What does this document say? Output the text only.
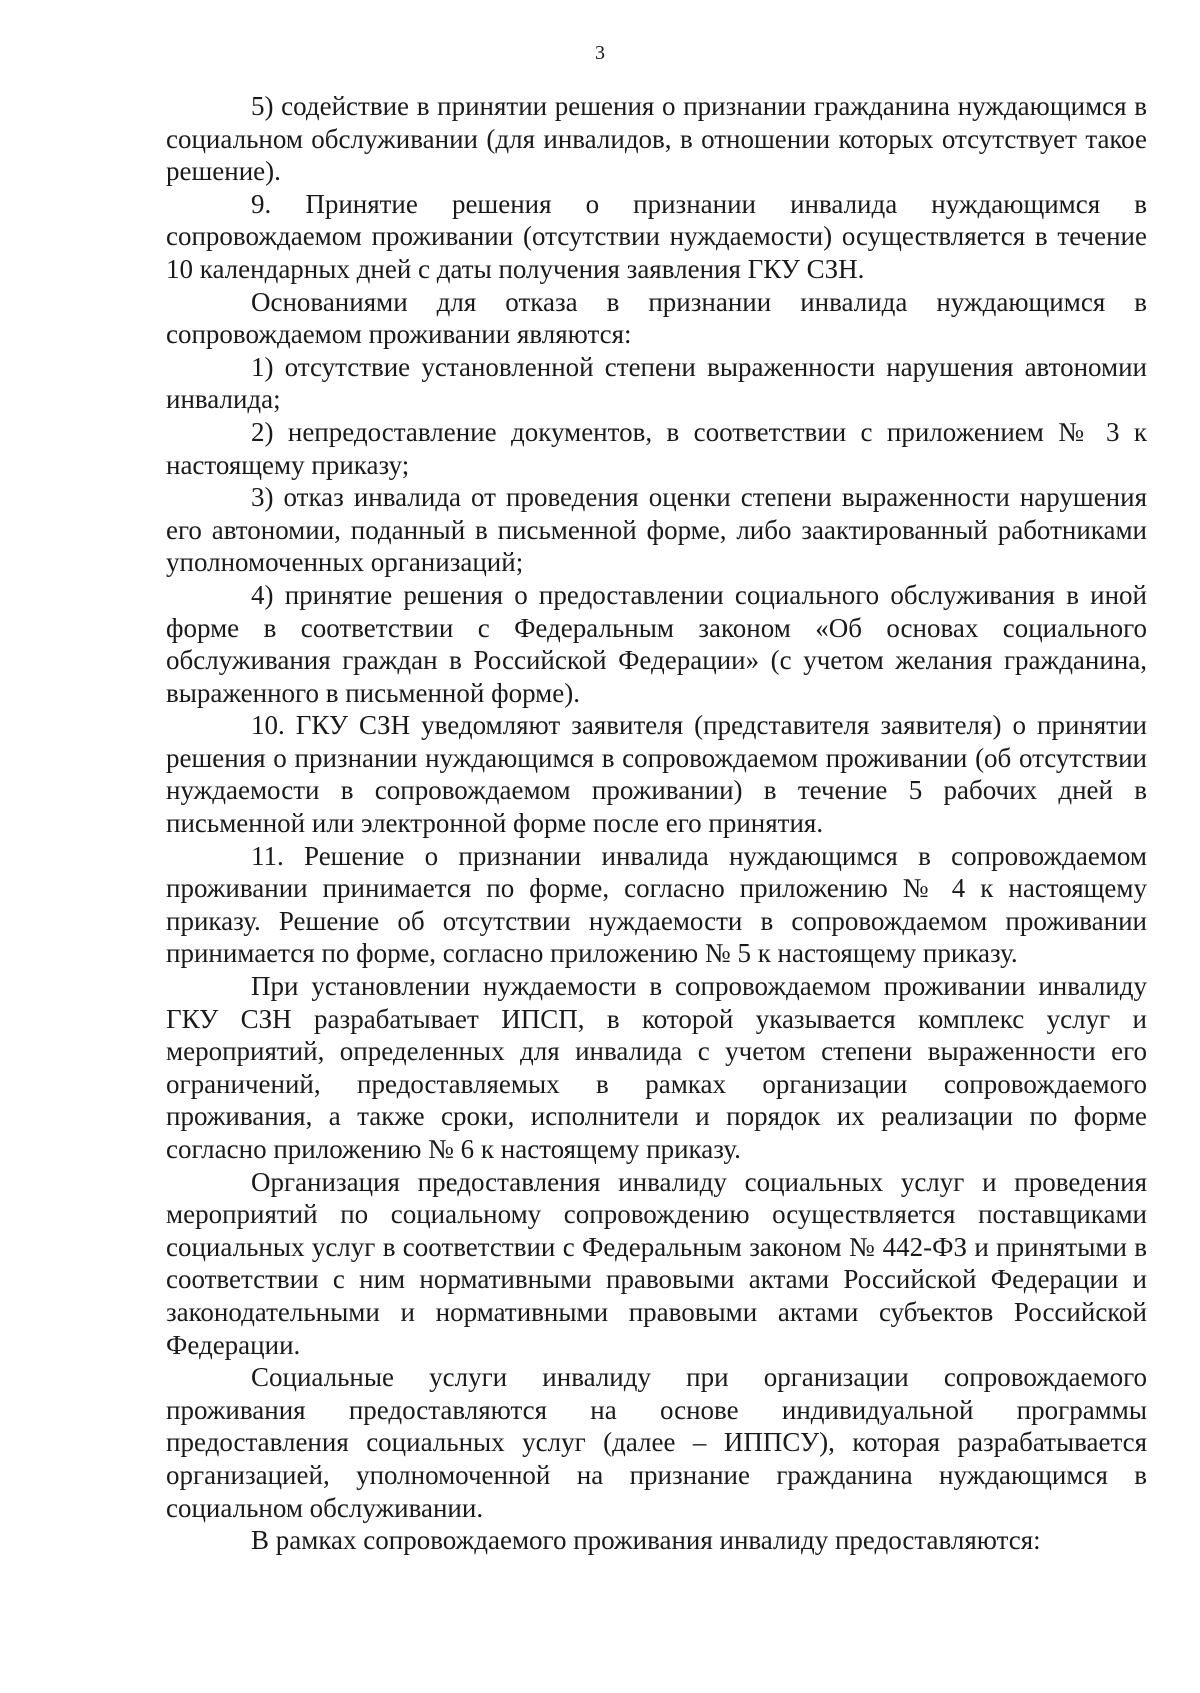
3

5) содействие в принятии решения о признании гражданина нуждающимся в социальном обслуживании (для инвалидов, в отношении которых отсутствует такое решение).

9. Принятие решения о признании инвалида нуждающимся в сопровождаемом проживании (отсутствии нуждаемости) осуществляется в течение 10 календарных дней с даты получения заявления ГКУ СЗН.

Основаниями для отказа в признании инвалида нуждающимся в сопровождаемом проживании являются:

1) отсутствие установленной степени выраженности нарушения автономии инвалида;

2) непредоставление документов, в соответствии с приложением № 3 к настоящему приказу;

3) отказ инвалида от проведения оценки степени выраженности нарушения его автономии, поданный в письменной форме, либо заактированный работниками уполномоченных организаций;

4) принятие решения о предоставлении социального обслуживания в иной форме в соответствии с Федеральным законом «Об основах социального обслуживания граждан в Российской Федерации» (с учетом желания гражданина, выраженного в письменной форме).

10. ГКУ СЗН уведомляют заявителя (представителя заявителя) о принятии решения о признании нуждающимся в сопровождаемом проживании (об отсутствии нуждаемости в сопровождаемом проживании) в течение 5 рабочих дней в письменной или электронной форме после его принятия.

11. Решение о признании инвалида нуждающимся в сопровождаемом проживании принимается по форме, согласно приложению № 4 к настоящему приказу. Решение об отсутствии нуждаемости в сопровождаемом проживании принимается по форме, согласно приложению № 5 к настоящему приказу.

При установлении нуждаемости в сопровождаемом проживании инвалиду ГКУ СЗН разрабатывает ИПСП, в которой указывается комплекс услуг и мероприятий, определенных для инвалида с учетом степени выраженности его ограничений, предоставляемых в рамках организации сопровождаемого проживания, а также сроки, исполнители и порядок их реализации по форме согласно приложению № 6 к настоящему приказу.

Организация предоставления инвалиду социальных услуг и проведения мероприятий по социальному сопровождению осуществляется поставщиками социальных услуг в соответствии с Федеральным законом № 442-ФЗ и принятыми в соответствии с ним нормативными правовыми актами Российской Федерации и законодательными и нормативными правовыми актами субъектов Российской Федерации.

Социальные услуги инвалиду при организации сопровождаемого проживания предоставляются на основе индивидуальной программы предоставления социальных услуг (далее – ИППСУ), которая разрабатывается организацией, уполномоченной на признание гражданина нуждающимся в социальном обслуживании.

В рамках сопровождаемого проживания инвалиду предоставляются:
